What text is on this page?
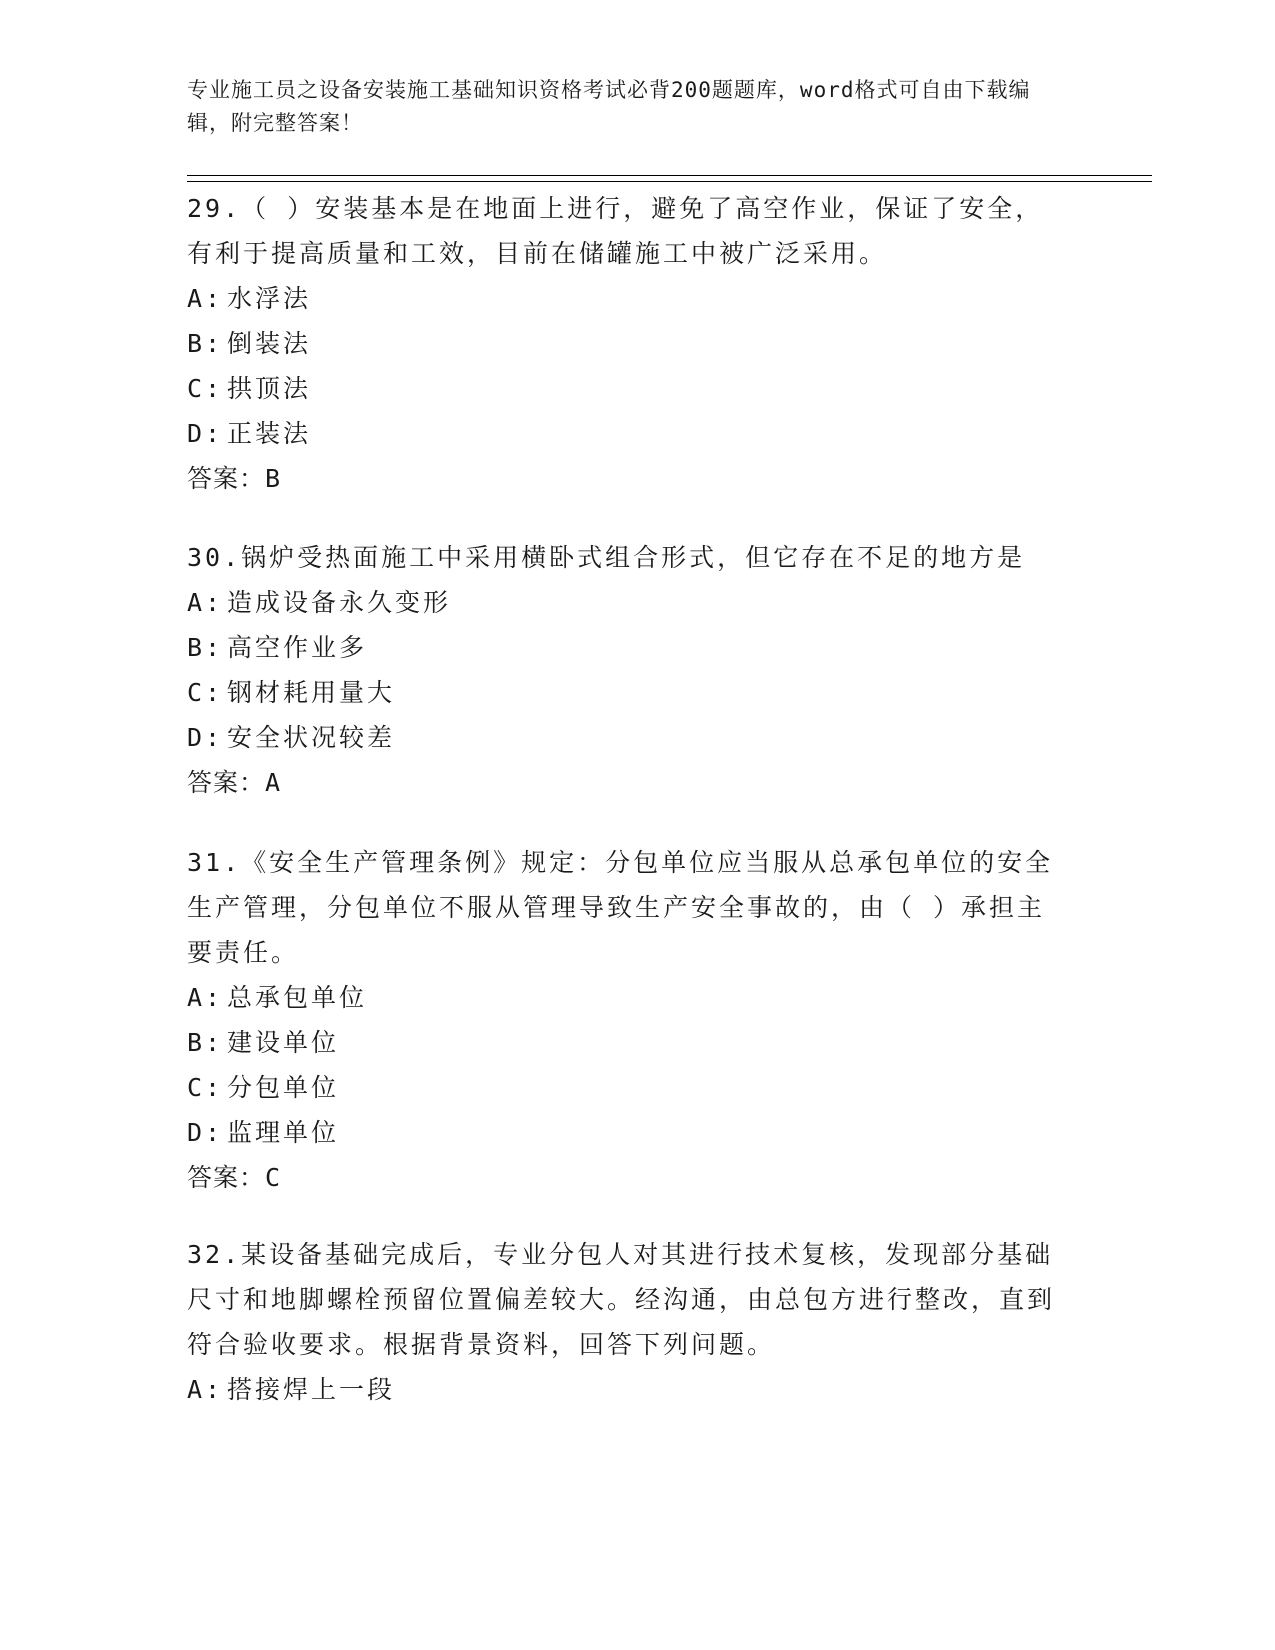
专业施工员之设备安装施工基础知识资格考试必背200题题库，word格式可自由下载编辑，附完整答案！

29.（ ）安装基本是在地面上进行，避免了高空作业，保证了安全，有利于提高质量和工效，目前在储罐施工中被广泛采用。

A: 水浮法
B: 倒装法
C: 拱顶法
D: 正装法
答案：B

30.锅炉受热面施工中采用横卧式组合形式，但它存在不足的地方是

A: 造成设备永久变形
B: 高空作业多
C: 钢材耗用量大
D: 安全状况较差
答案：A

31.《安全生产管理条例》规定：分包单位应当服从总承包单位的安全生产管理，分包单位不服从管理导致生产安全事故的，由（ ）承担主要责任。

A: 总承包单位
B: 建设单位
C: 分包单位
D: 监理单位
答案：C

32.某设备基础完成后，专业分包人对其进行技术复核，发现部分基础尺寸和地脚螺栓预留位置偏差较大。经沟通，由总包方进行整改，直到符合验收要求。根据背景资料，回答下列问题。

A: 搭接焊上一段
